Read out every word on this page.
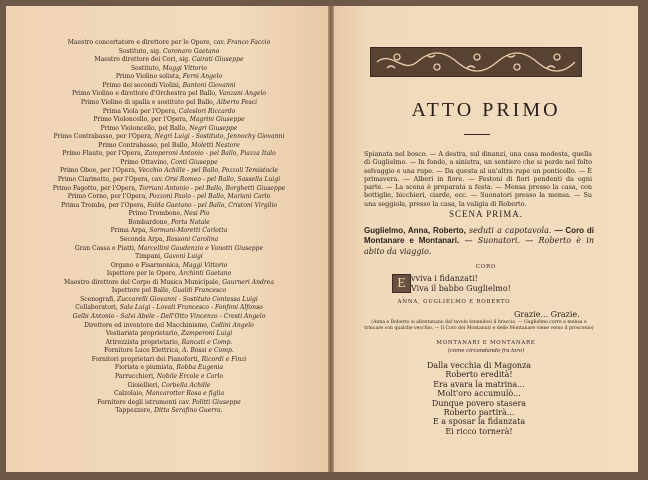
Maestro concertatore e direttore per le Opere, cav. Franco Faccio
Sostituto, sig. Coronaro Gaetano
Maestro direttore dei Cori, sig. Cairati Giuseppe
Sostituto, Maggi Vittorio
Primo Violino solista, Ferni Angelo
Primo dei secondi Violini, Bantoni Giovanni
Primo Violino e direttore d'Orchestra pel Ballo, Vanzani Angelo
Primo Violino di spalla e sostituto pel Ballo, Alberto Pesci
Prima Viola per l'Opera, Caloslori Riccardo
Primo Violoncello, per l'Opera, Magrini Giuseppe
Primo Violoncello, pel Ballo, Negri Giuseppe
Primo Contrabasso, per l'Opera, Negri Luigi - Sostituto, Jennochy Giovanni
Primo Contrabasso, pel Ballo, Moletti Nestore
Primo Flauto, per l'Opera, Zamperoni Antonio - pel Ballo, Piazza Italo
Primo Ottavino, Conti Giuseppe
Primo Oboe, per l'Opera, Vecchio Achille - pel Ballo, Pozzoli Temistocle
Primo Clarinetto, per l'Opera, cav. Orsi Romeo - pel Ballo, Sassella Luigi
Primo Fagotto, per l'Opera, Torriani Antonio - pel Ballo, Borghetti Giuseppe
Primo Corno, per l'Opera, Pozzoni Paolo - pel Ballo, Mariani Carlo
Prima Tromba, per l'Opera, Falda Gaetano - pel Ballo, Cristoni Virgilio
Primo Trombone, Nesi Pio
Bombardone, Porta Natale
Prima Arpa, Sormani-Moretti Carlotta
Seconda Arpa, Rossoni Carolina
Gran Cassa e Piatti, Marcellini Gaudenzio e Vanotti Giuseppe
Timpani, Gavoni Luigi
Organo e Fisarmonica, Maggi Vittorio
Ispettore per le Opere, Archinti Gaetano
Maestro direttore del Corpo di Musica Municipale, Gaurneri Andrea
Ispettore pel Ballo, Gualdi Francesco
Scenografi, Zuccarelli Giovanni - Sostituto Contessa Luigi
Collaboratori, Sala Luigi - Lovati Francesco - Fonfoni Alfonso
Gelbi Antonio - Salvi Abele - Dell'Otto Vincenzo - Cresti Angelo
Direttore ed inventore del Macchinismo, Collini Angelo
Vestiarista proprietario, Zamperoni Luigi
Attrezzista proprietario, Rancati e Comp.
Fornitore Luce Elettrica, A. Bossi e Comp.
Fornitori proprietari dei Pianoforti, Ricordi e Finzi
Fiorista e piumista, Robba Eugenia
Parrucchieri, Nobile Ercole e Carlo
Gioiellieri, Corbella Achille
Calzolaio, Mancarotter Rosa e figlia
Fornitore degli istrumenti cav. Politti Giuseppe
Tappezzere, Ditta Serafino Guerra.
ATTO PRIMO
Spianata nel bosco. — A destra, sul dinanzi, una casa modesta, quella di Guglielmo. — In fondo, a sinistra, un sentiero che si perde nel folto selvaggio e una rupe. — Da questa al un'altra rupe un ponticello. — È primavera. — Alberi in fiore. — Festoni di fiori pendenti da ogni parte. — La scena è preparata a festa. — Mensa presso la casa, con bottiglie, bicchieri, ciarde, ecc. — Suonatori presso la mensa. — Su una seggiola, presso la casa, la valigia di Roberto.
SCENA PRIMA.
Guglielmo, Anna, Roberto, seduti a capotavola. — Coro di Montanare e Montanari. — Suonatori. — Roberto è in abito da viaggio.
CORO
E vviva i fidanzati!
Viva il babbo Guglielmo!
ANNA, GUGLIELMO E ROBERTO
Grazie... Grazie.
(Anna e Roberto si allontanano dal tavolo tenendosi il braccio. — Guglielmo corre a mensa e trincare con qualche vecchio. — Il Coro dei Montanari e delle Montanare viene verso il proscenio)
MONTANARI E MONTANARE
(come circondando fra loro)
Dalla vecchia di Magonza
Roberto eredità!
Era avara la matrina...
Molt'oro accumulò...
Dunque povero stasera
Roberto partirà...
E a sposar la fidanzata
Ei ricco tornerà!
